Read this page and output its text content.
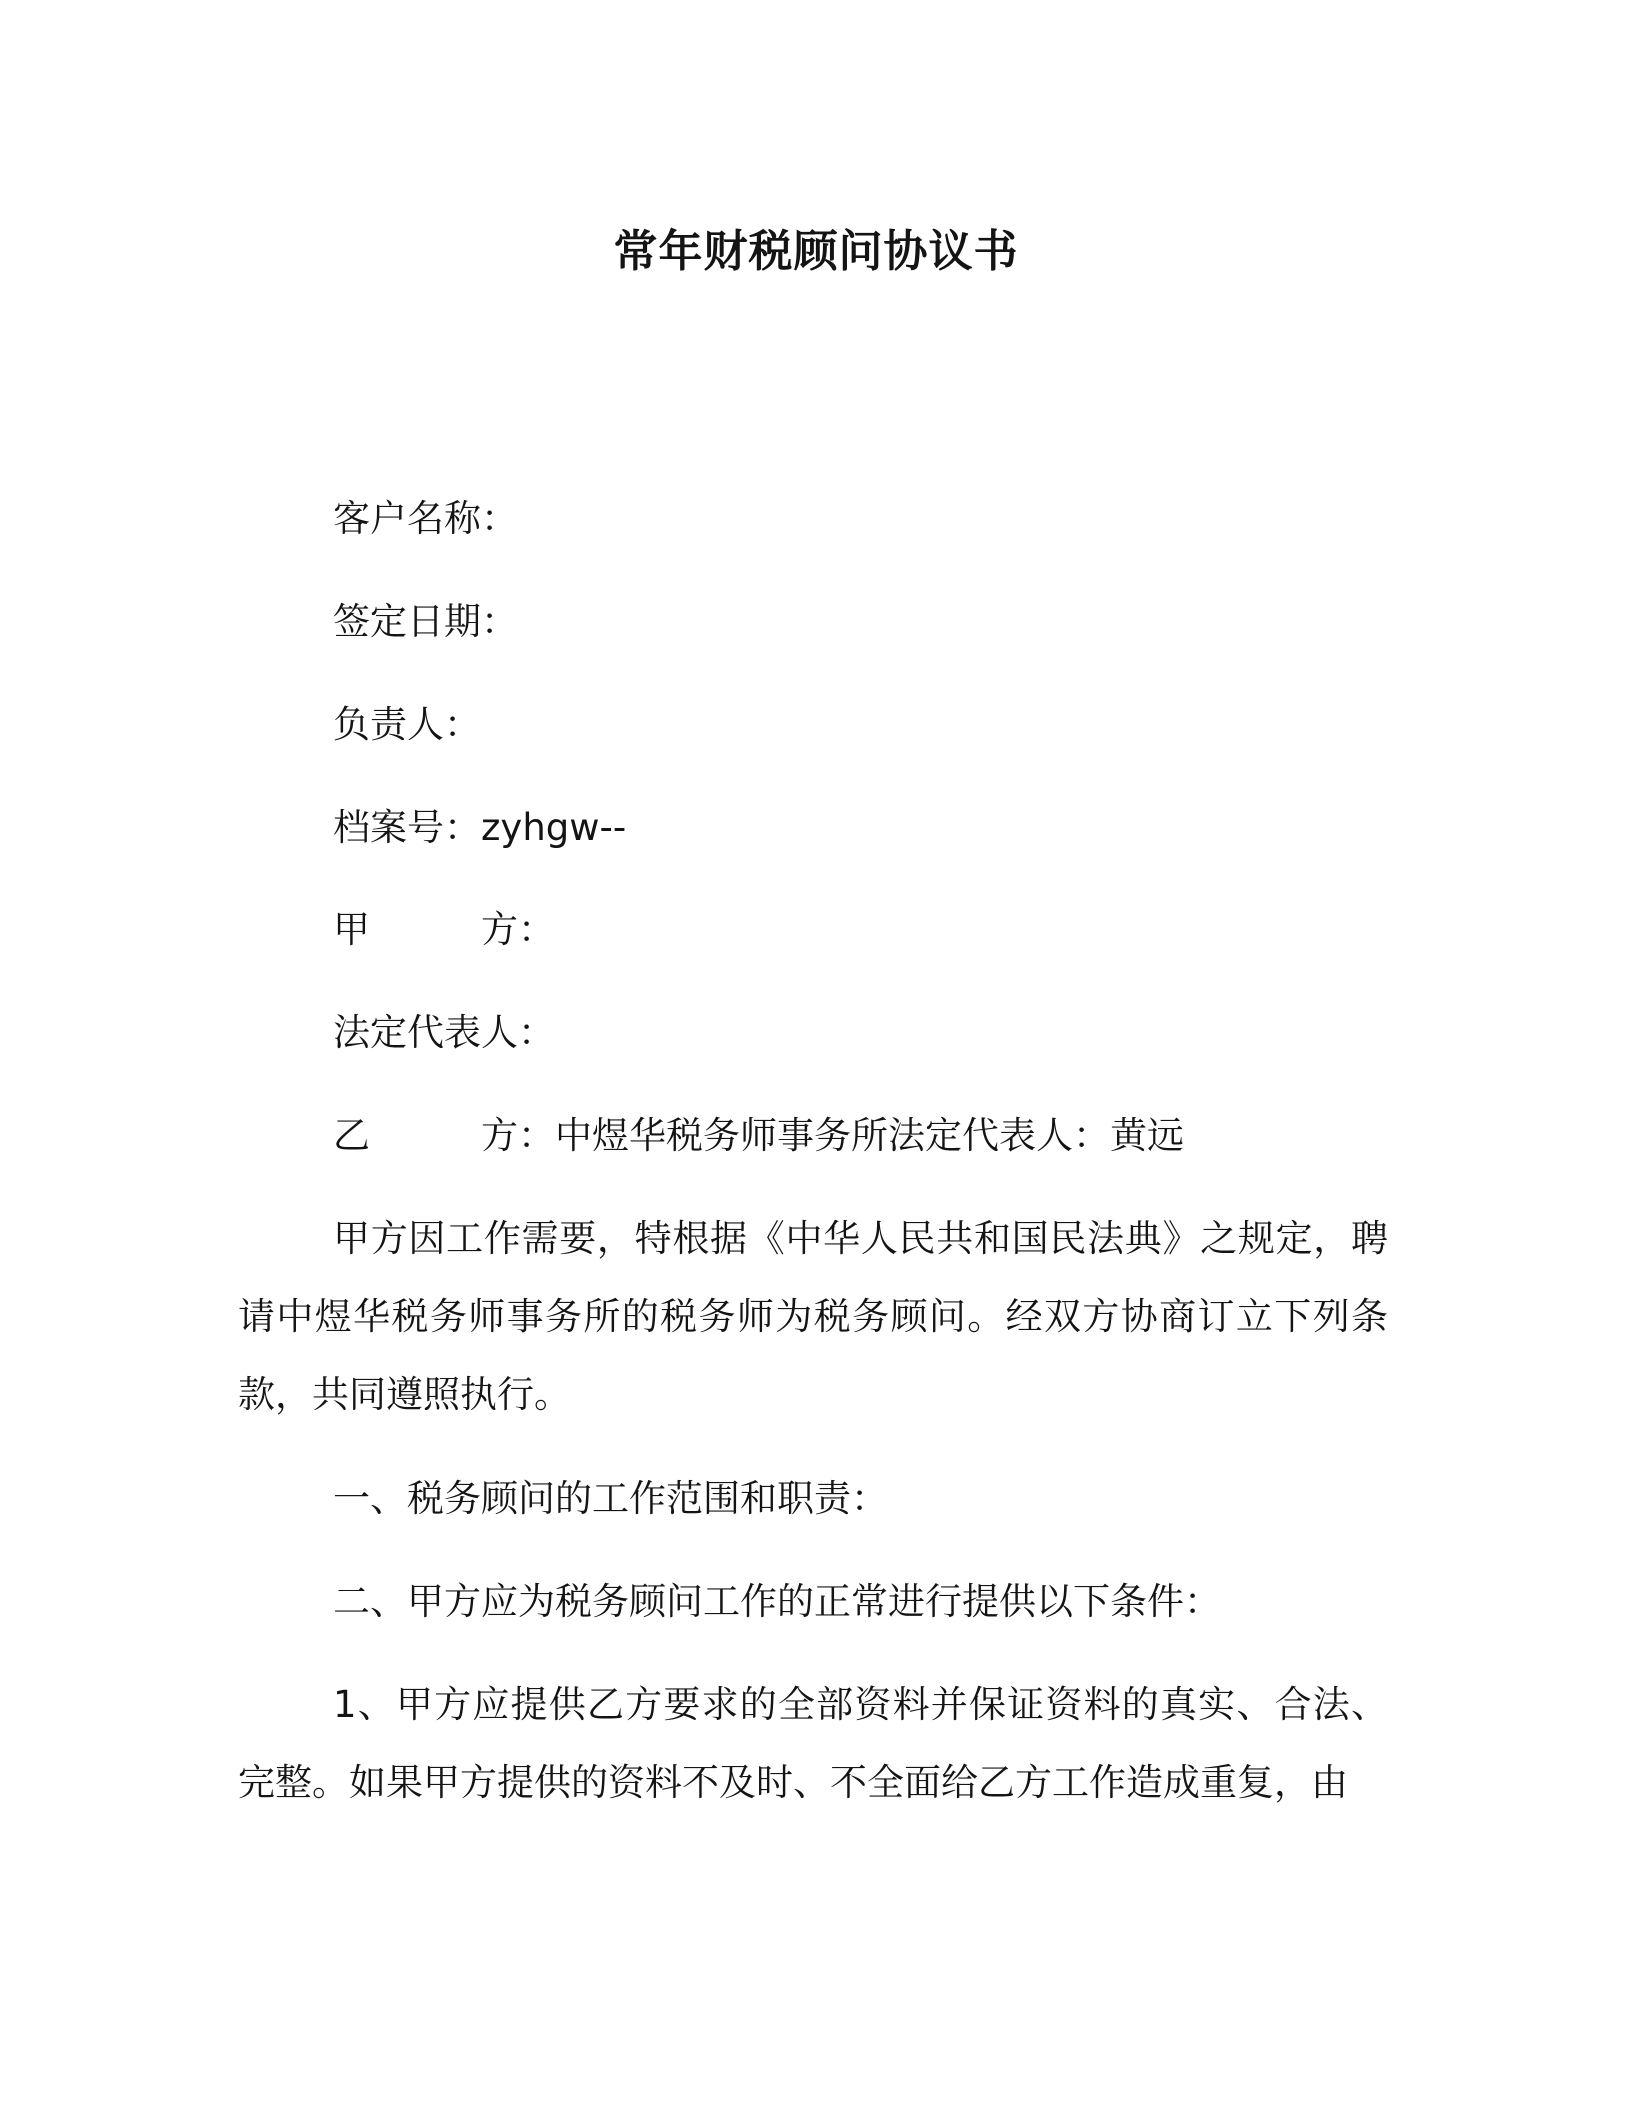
常年财税顾问协议书
客户名称：
签定日期：
负责人：
档案号：zyhgw--
甲　　　方：
法定代表人：
乙　　　方：中煜华税务师事务所法定代表人：黄远
甲方因工作需要，特根据《中华人民共和国民法典》之规定，聘请中煜华税务师事务所的税务师为税务顾问。经双方协商订立下列条款，共同遵照执行。
一、税务顾问的工作范围和职责：
二、甲方应为税务顾问工作的正常进行提供以下条件：
1、甲方应提供乙方要求的全部资料并保证资料的真实、合法、完整。如果甲方提供的资料不及时、不全面给乙方工作造成重复，由
